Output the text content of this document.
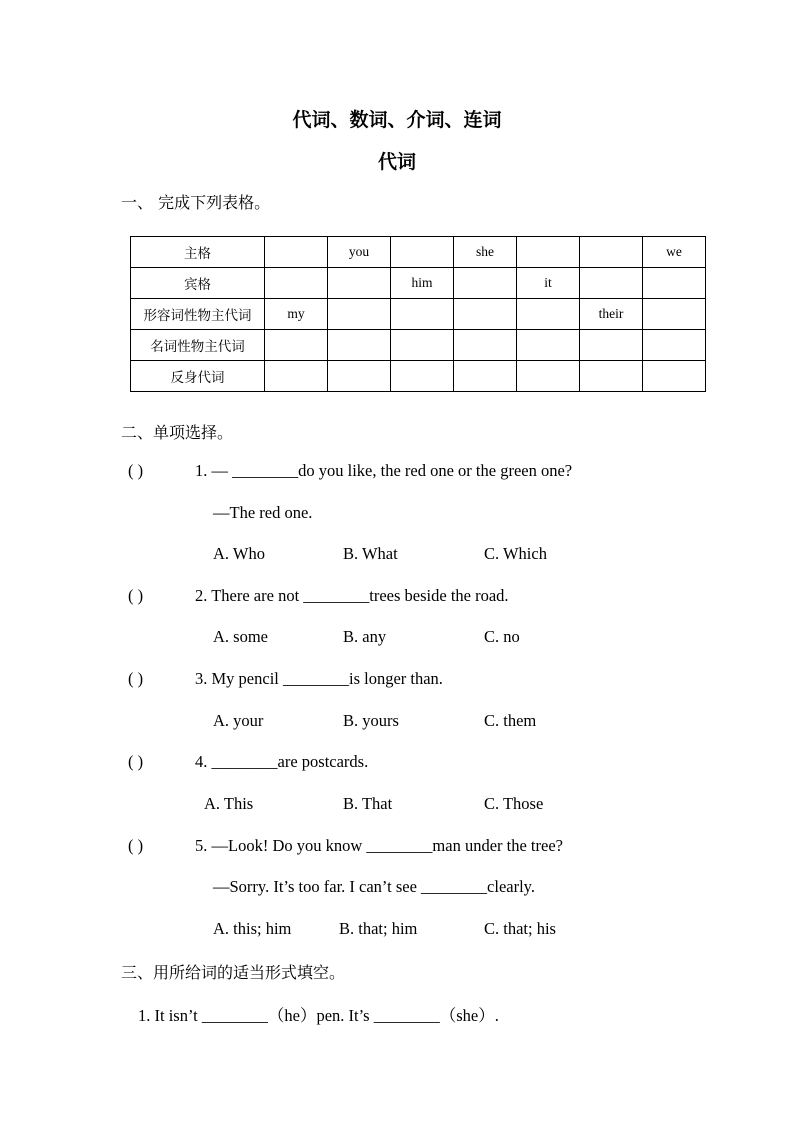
代词、数词、介词、连词
代词
一、 完成下列表格。
主格		you		she			we
宾格			him		it		
形容词性物主代词	my					their	
名词性物主代词							
反身代词							
二、单项选择。
( )	1. — ________do you like, the red one or the green one?
—The red one.
A. Who	B. What	C. Which
( )	2. There are not ________trees beside the road.
A. some	B. any	C. no
( )	3. My pencil ________is longer than.
A. your	B. yours	C. them
( )	4. ________are postcards.
A. This	B. That	C. Those
( )	5. —Look! Do you know ________man under the tree?
—Sorry. It’s too far. I can’t see ________clearly.
A. this; him	B. that; him	C. that; his
三、用所给词的适当形式填空。
1. It isn’t ________（he）pen. It’s ________（she）.
